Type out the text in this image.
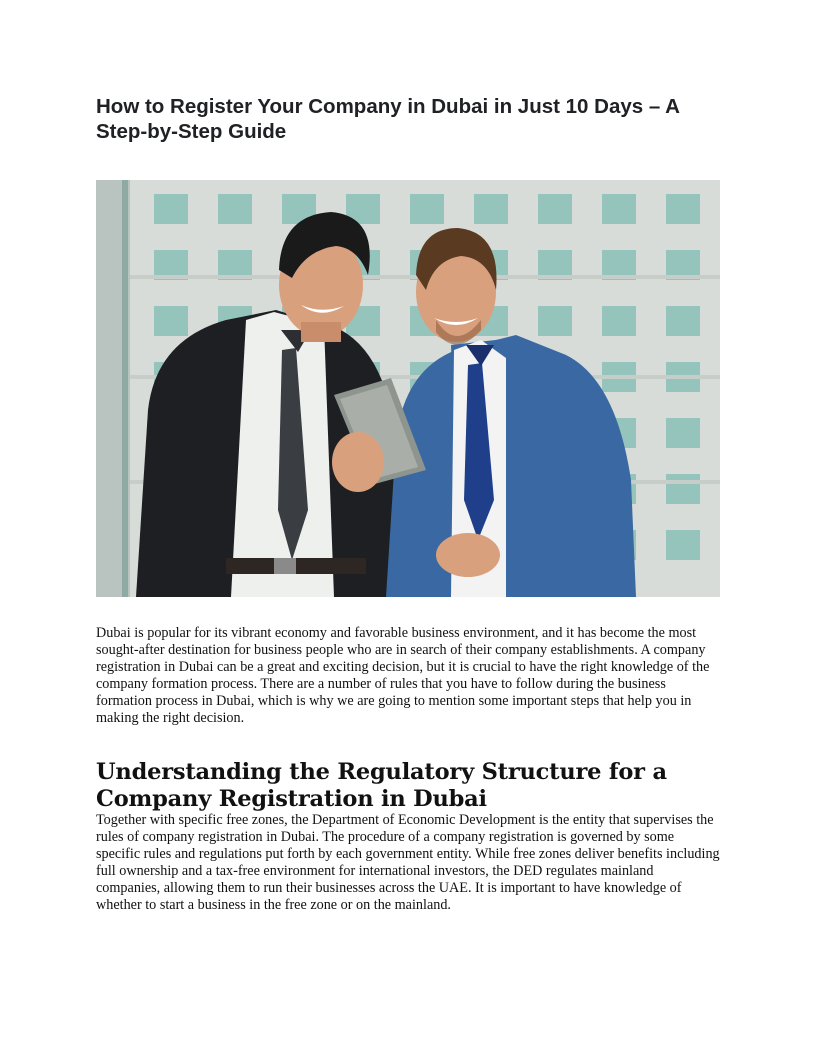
How to Register Your Company in Dubai in Just 10 Days – A Step-by-Step Guide

Dubai is popular for its vibrant economy and favorable business environment, and it has become the most sought-after destination for business people who are in search of their company establishments. A company registration in Dubai can be a great and exciting decision, but it is crucial to have the right knowledge of the company formation process. There are a number of rules that you have to follow during the business formation process in Dubai, which is why we are going to mention some important steps that help you in making the right decision.

Understanding the Regulatory Structure for a Company Registration in Dubai

Together with specific free zones, the Department of Economic Development is the entity that supervises the rules of company registration in Dubai. The procedure of a company registration is governed by some specific rules and regulations put forth by each government entity. While free zones deliver benefits including full ownership and a tax-free environment for international investors, the DED regulates mainland companies, allowing them to run their businesses across the UAE. It is important to have knowledge of whether to start a business in the free zone or on the mainland.
